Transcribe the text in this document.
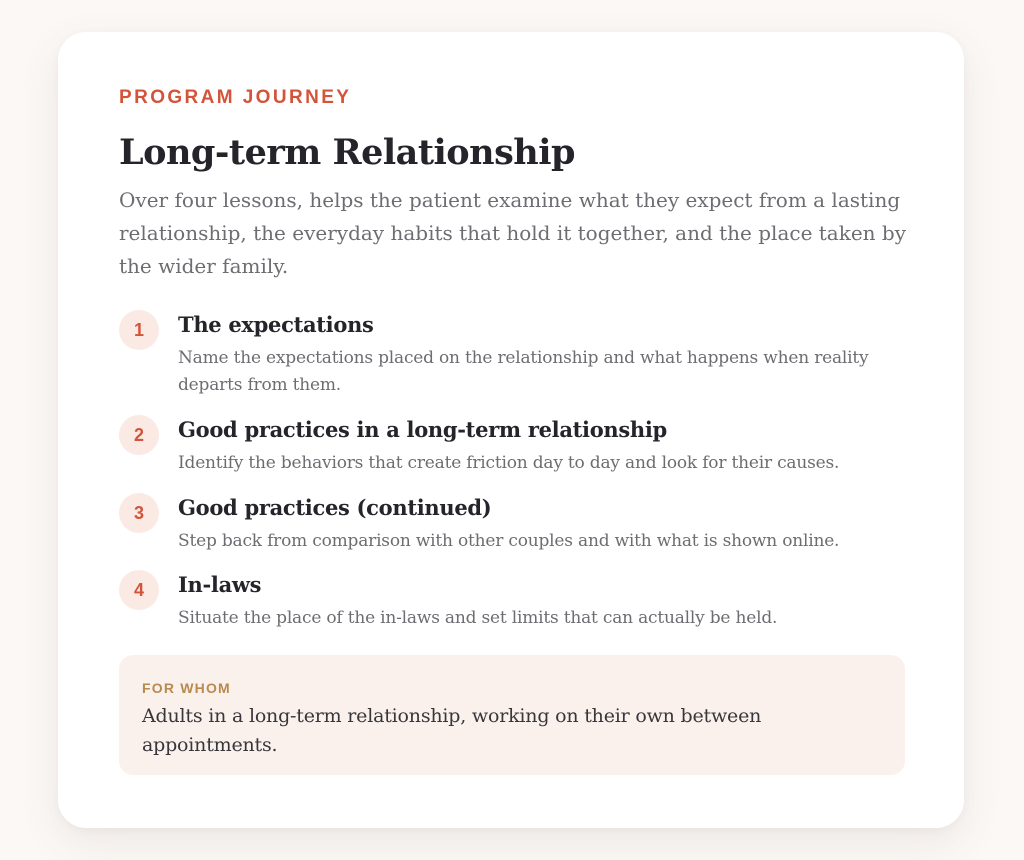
PROGRAM JOURNEY
Long-term Relationship

Over four lessons, helps the patient examine what they expect from a lasting relationship, the everyday habits that hold it together, and the place taken by the wider family.

1	The expectations

Name the expectations placed on the relationship and what happens when reality departs from them.

2	Good practices in a long-term relationship

Identify the behaviors that create friction day to day and look for their causes.

3	Good practices (continued)

Step back from comparison with other couples and with what is shown online.

4	In-laws

Situate the place of the in-laws and set limits that can actually be held.

FOR WHOM

Adults in a long-term relationship, working on their own between appointments.
